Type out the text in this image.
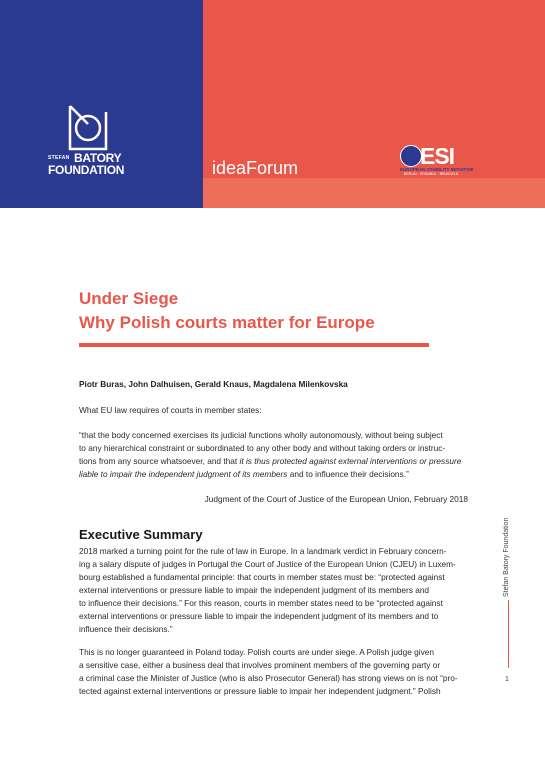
STEFAN BATORY
FOUNDATION	ideaForum	ESI
EUROPEAN STABILITY INITIATIVE
BERLIN · ISTANBUL · BRUSSELS
Under Siege
Why Polish courts matter for Europe
Piotr Buras, John Dalhuisen, Gerald Knaus, Magdalena Milenkovska
What EU law requires of courts in member states:
“that the body concerned exercises its judicial functions wholly autonomously, without being subject
to any hierarchical constraint or subordinated to any other body and without taking orders or instruc-
tions from any source whatsoever, and that it is thus protected against external interventions or pressure
liable to impair the independent judgment of its members and to influence their decisions.”
Judgment of the Court of Justice of the European Union, February 2018
Executive Summary
2018 marked a turning point for the rule of law in Europe. In a landmark verdict in February concern-
ing a salary dispute of judges in Portugal the Court of Justice of the European Union (CJEU) in Luxem-
bourg established a fundamental principle: that courts in member states must be: “protected against
external interventions or pressure liable to impair the independent judgment of its members and
to influence their decisions.” For this reason, courts in member states need to be “protected against
external interventions or pressure liable to impair the independent judgment of its members and to
influence their decisions.”
This is no longer guaranteed in Poland today. Polish courts are under siege. A Polish judge given
a sensitive case, either a business deal that involves prominent members of the governing party or
a criminal case the Minister of Justice (who is also Prosecutor General) has strong views on is not “pro-
tected against external interventions or pressure liable to impair her independent judgment.” Polish
Stefan Batory Foundation
1
